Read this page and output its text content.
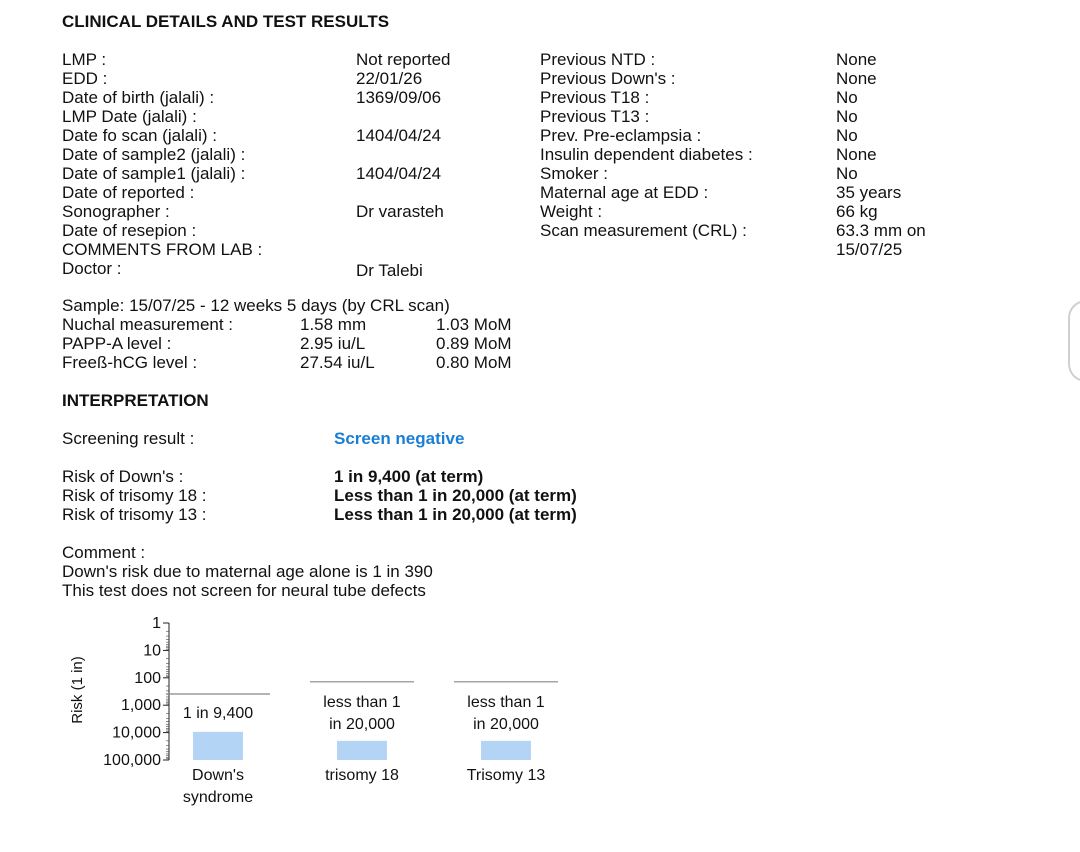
CLINICAL DETAILS AND TEST RESULTS
LMP :
EDD :
Date of birth (jalali) :
LMP Date (jalali) :
Date fo scan (jalali) :
Date of sample2 (jalali) :
Date of sample1 (jalali) :
Date of reported :
Sonographer :
Date of resepion :
COMMENTS FROM LAB :
Doctor :
Not reported
22/01/26
1369/09/06
1404/04/24
1404/04/24
Dr varasteh
Dr Talebi
Previous NTD :
Previous Down's :
Previous T18 :
Previous T13 :
Prev. Pre-eclampsia :
Insulin dependent diabetes :
Smoker :
Maternal age at EDD :
Weight :
Scan measurement (CRL) :
None
None
No
No
No
None
No
35 years
66 kg
63.3 mm on
15/07/25
Sample: 15/07/25 - 12 weeks 5 days (by CRL scan)
Nuchal measurement :
PAPP-A level :
Freeß-hCG level :
1.58 mm
2.95 iu/L
27.54 iu/L
1.03 MoM
0.89 MoM
0.80 MoM
INTERPRETATION
Screening result :	Screen negative
Risk of Down's :
Risk of trisomy 18 :
Risk of trisomy 13 :
1 in 9,400 (at term)
Less than 1 in 20,000 (at term)
Less than 1 in 20,000 (at term)
Comment :
Down's risk due to maternal age alone is 1 in 390
This test does not screen for neural tube defects
Risk (1 in)
1
10
100
1,000
10,000
100,000
1 in 9,400
Down's
syndrome
less than 1
in 20,000
trisomy 18
less than 1
in 20,000
Trisomy 13
